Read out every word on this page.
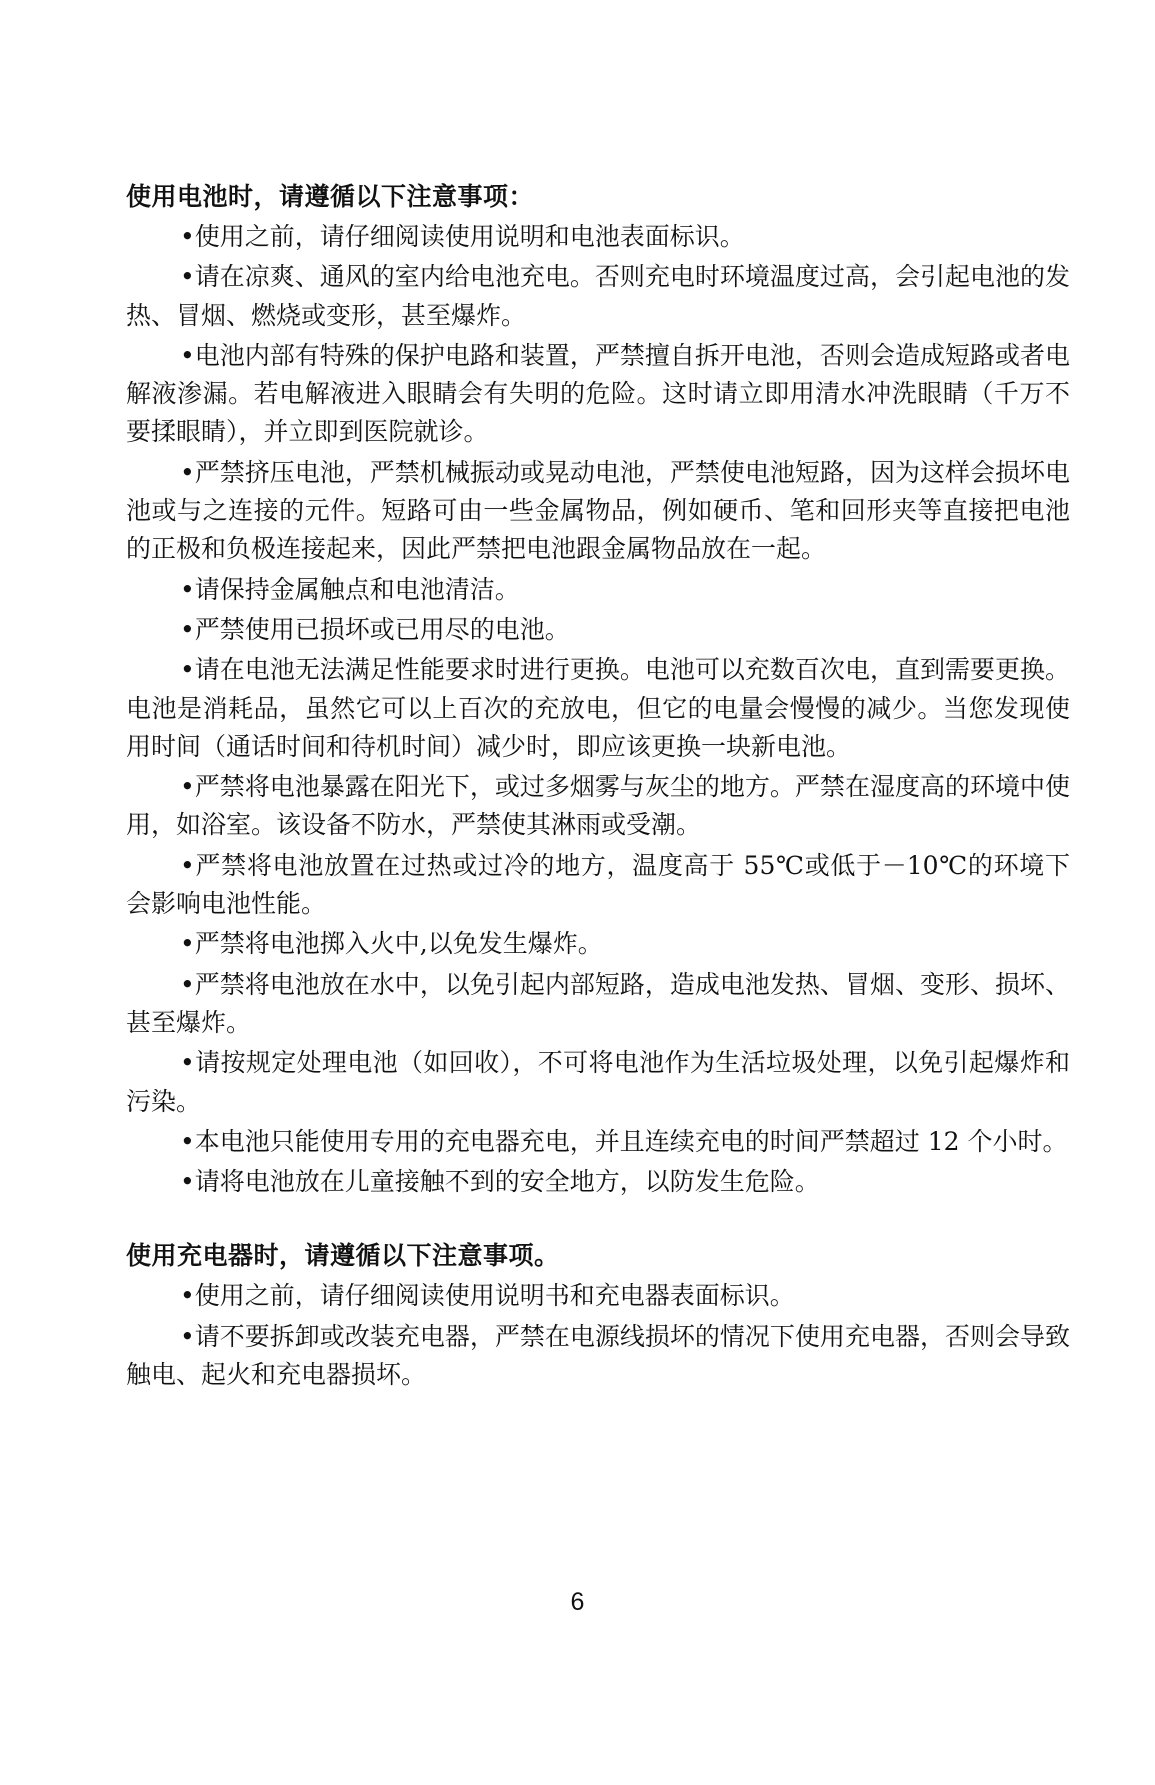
使用电池时，请遵循以下注意事项：
•使用之前，请仔细阅读使用说明和电池表面标识。
•请在凉爽、通风的室内给电池充电。否则充电时环境温度过高，会引起电池的发热、冒烟、燃烧或变形，甚至爆炸。
•电池内部有特殊的保护电路和装置，严禁擅自拆开电池，否则会造成短路或者电解液渗漏。若电解液进入眼睛会有失明的危险。这时请立即用清水冲洗眼睛（千万不要揉眼睛），并立即到医院就诊。
•严禁挤压电池，严禁机械振动或晃动电池，严禁使电池短路，因为这样会损坏电池或与之连接的元件。短路可由一些金属物品，例如硬币、笔和回形夹等直接把电池的正极和负极连接起来，因此严禁把电池跟金属物品放在一起。
•请保持金属触点和电池清洁。
•严禁使用已损坏或已用尽的电池。
•请在电池无法满足性能要求时进行更换。电池可以充数百次电，直到需要更换。电池是消耗品，虽然它可以上百次的充放电，但它的电量会慢慢的减少。当您发现使用时间（通话时间和待机时间）减少时，即应该更换一块新电池。
•严禁将电池暴露在阳光下，或过多烟雾与灰尘的地方。严禁在湿度高的环境中使用，如浴室。该设备不防水，严禁使其淋雨或受潮。
•严禁将电池放置在过热或过冷的地方，温度高于 55℃或低于－10℃的环境下会影响电池性能。
•严禁将电池掷入火中,以免发生爆炸。
•严禁将电池放在水中，以免引起内部短路，造成电池发热、冒烟、变形、损坏、甚至爆炸。
•请按规定处理电池（如回收），不可将电池作为生活垃圾处理，以免引起爆炸和污染。
•本电池只能使用专用的充电器充电，并且连续充电的时间严禁超过 12 个小时。
•请将电池放在儿童接触不到的安全地方，以防发生危险。
使用充电器时，请遵循以下注意事项。
•使用之前，请仔细阅读使用说明书和充电器表面标识。
•请不要拆卸或改装充电器，严禁在电源线损坏的情况下使用充电器，否则会导致触电、起火和充电器损坏。
6
